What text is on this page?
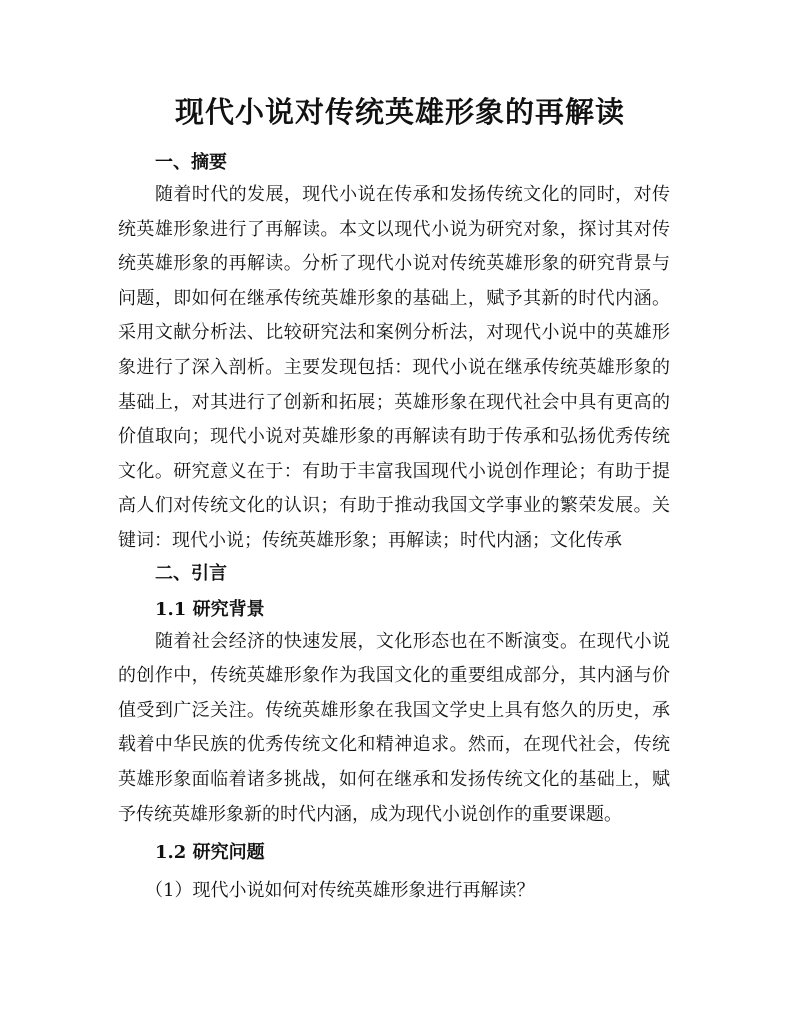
现代小说对传统英雄形象的再解读
一、摘要

随着时代的发展，现代小说在传承和发扬传统文化的同时，对传统英雄形象进行了再解读。本文以现代小说为研究对象，探讨其对传统英雄形象的再解读。分析了现代小说对传统英雄形象的研究背景与问题，即如何在继承传统英雄形象的基础上，赋予其新的时代内涵。采用文献分析法、比较研究法和案例分析法，对现代小说中的英雄形象进行了深入剖析。主要发现包括：现代小说在继承传统英雄形象的基础上，对其进行了创新和拓展；英雄形象在现代社会中具有更高的价值取向；现代小说对英雄形象的再解读有助于传承和弘扬优秀传统文化。研究意义在于：有助于丰富我国现代小说创作理论；有助于提高人们对传统文化的认识；有助于推动我国文学事业的繁荣发展。关键词：现代小说；传统英雄形象；再解读；时代内涵；文化传承

二、引言
1.1 研究背景

随着社会经济的快速发展，文化形态也在不断演变。在现代小说的创作中，传统英雄形象作为我国文化的重要组成部分，其内涵与价值受到广泛关注。传统英雄形象在我国文学史上具有悠久的历史，承载着中华民族的优秀传统文化和精神追求。然而，在现代社会，传统英雄形象面临着诸多挑战，如何在继承和发扬传统文化的基础上，赋予传统英雄形象新的时代内涵，成为现代小说创作的重要课题。

1.2 研究问题

（1）现代小说如何对传统英雄形象进行再解读？
